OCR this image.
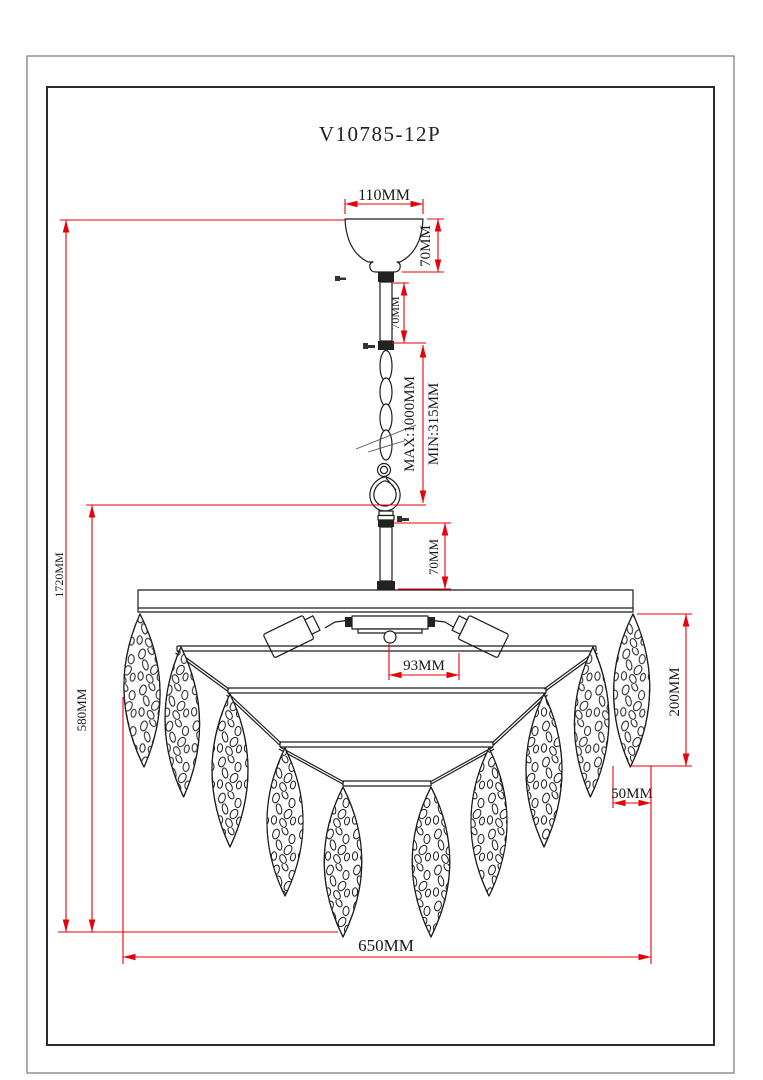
V10785-12P
110MM
70MM
70MM
MAX:1000MM MIN:315MM
70MM
1720MM
580MM
93MM
200MM
50MM
650MM
